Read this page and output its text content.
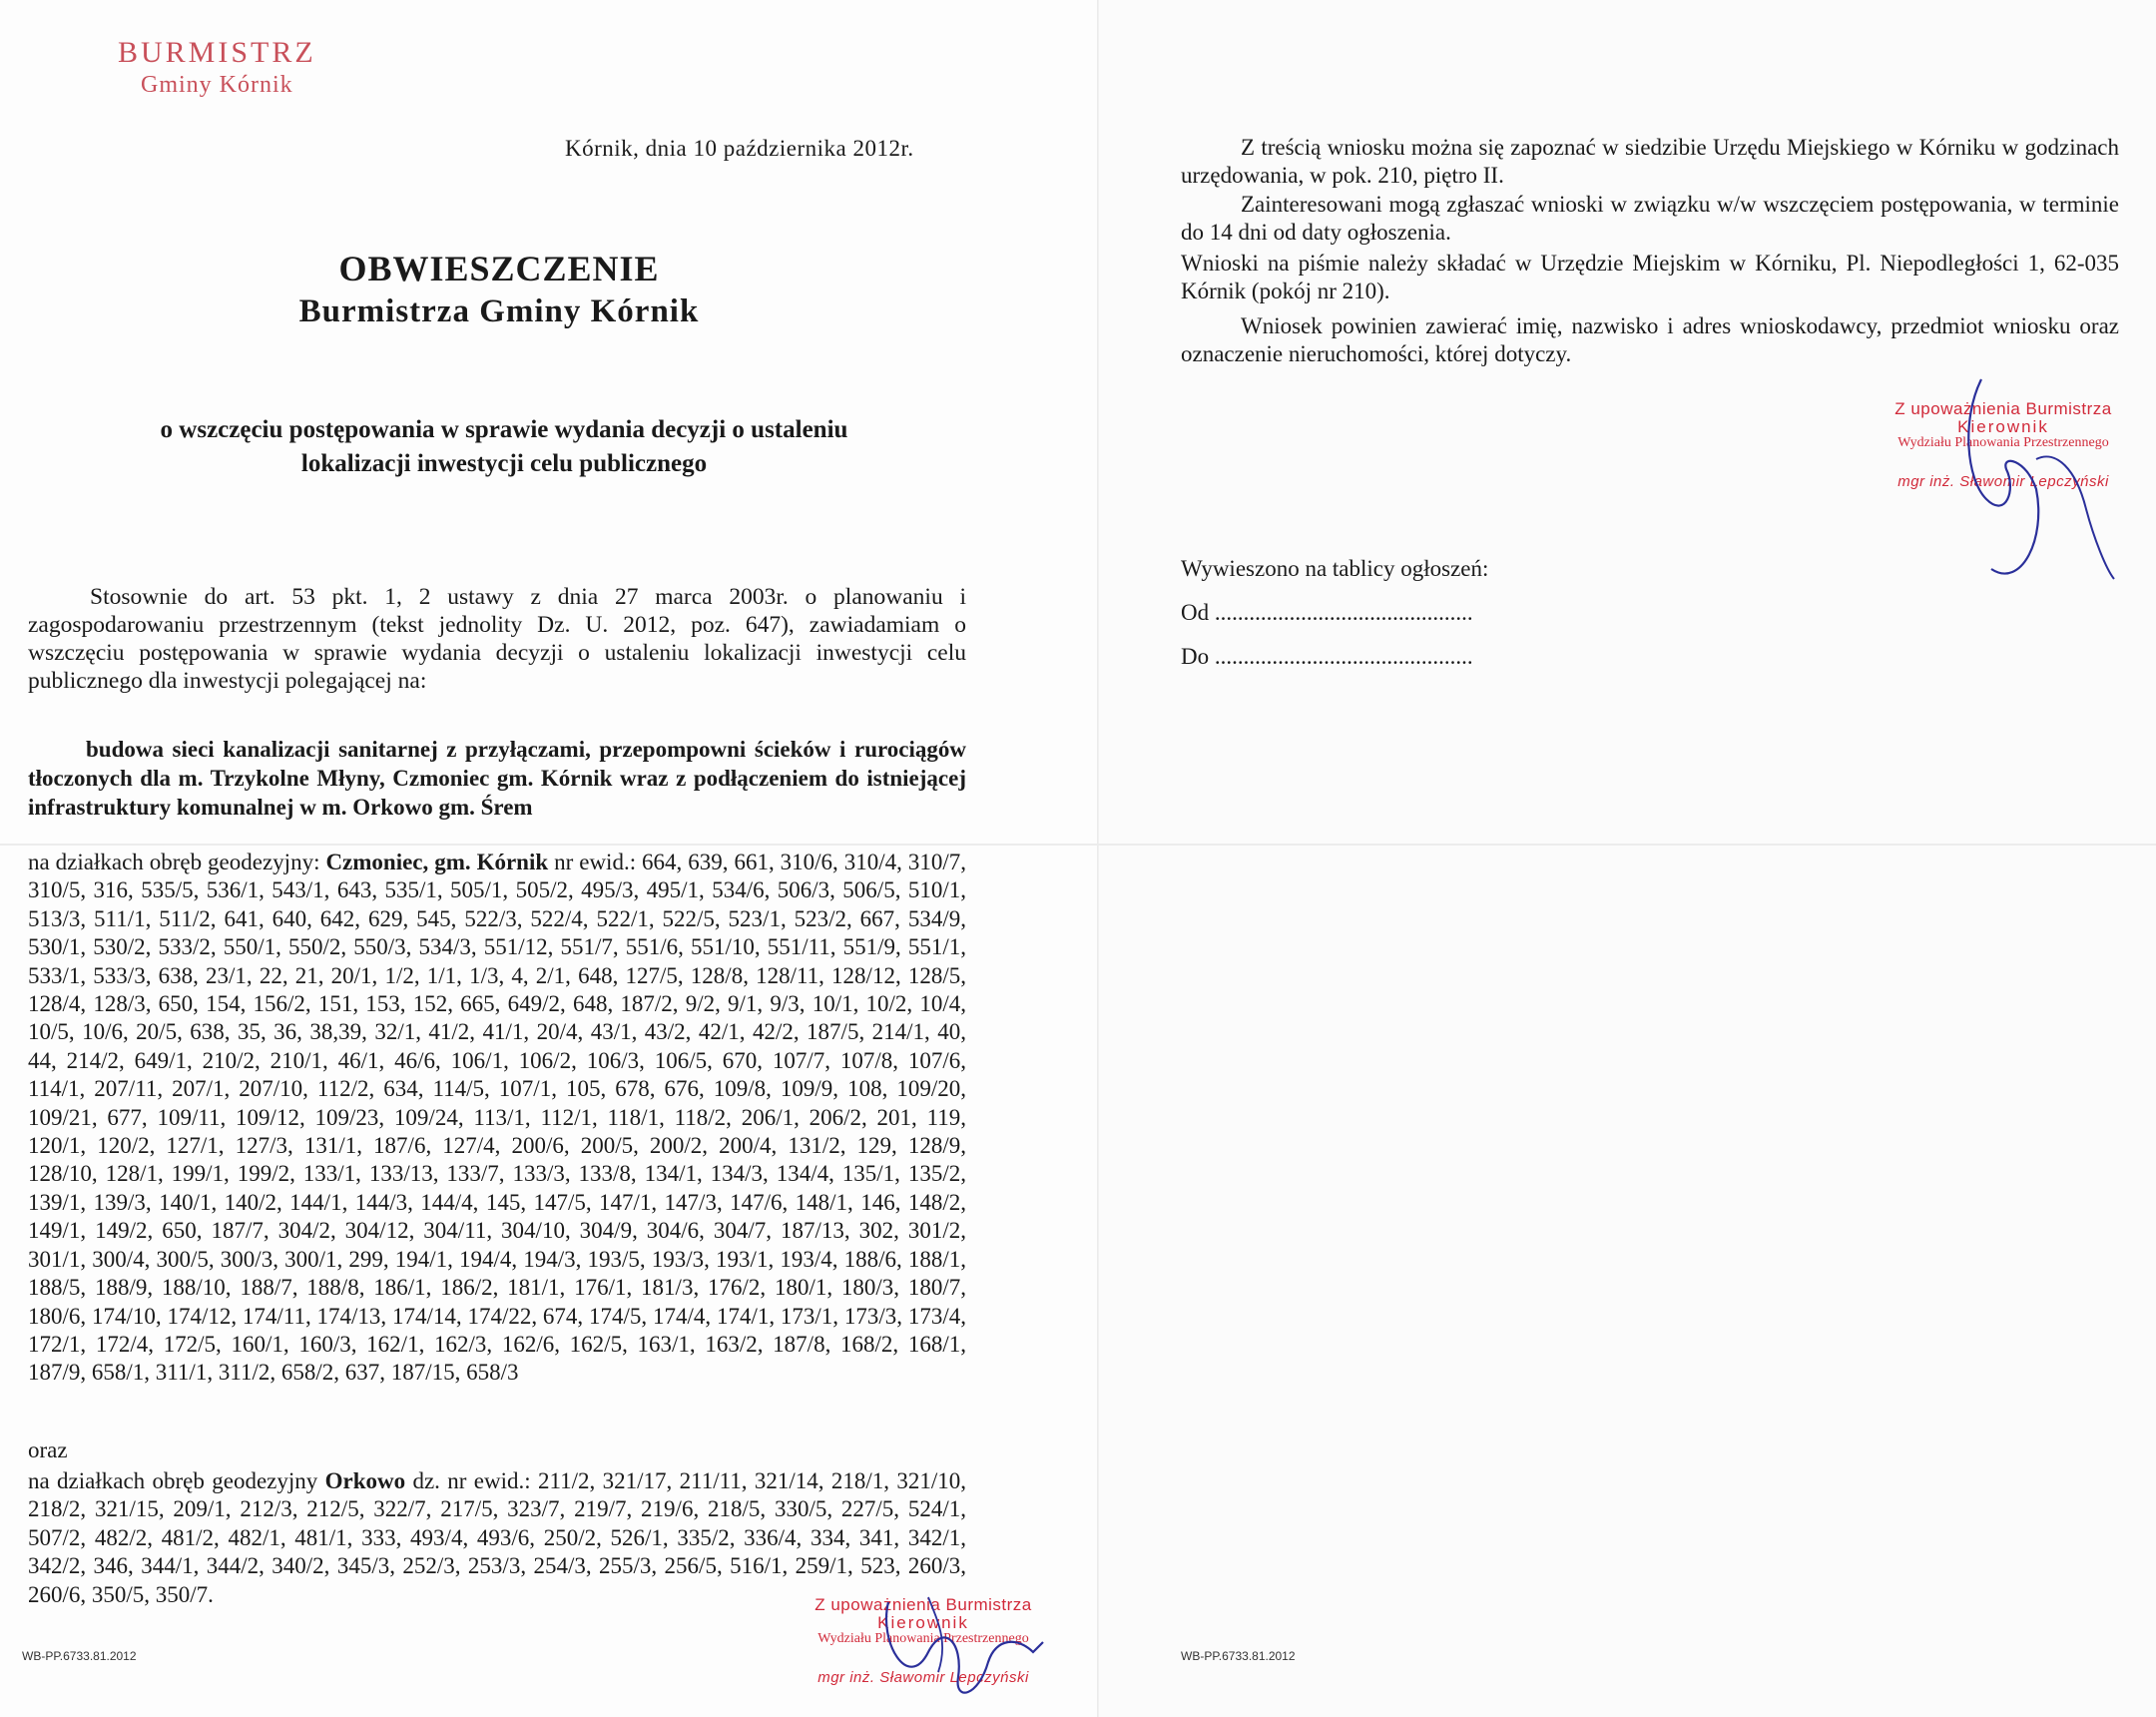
BURMISTRZ
Gminy Kórnik
Kórnik, dnia 10 października 2012r.
OBWIESZCZENIE
Burmistrza Gminy Kórnik
o wszczęciu postępowania w sprawie wydania decyzji o ustaleniu
lokalizacji inwestycji celu publicznego
Stosownie do art. 53 pkt. 1, 2 ustawy z dnia 27 marca 2003r. o planowaniu i zagospodarowaniu przestrzennym (tekst jednolity Dz. U. 2012, poz. 647), zawiadamiam o wszczęciu postępowania w sprawie wydania decyzji o ustaleniu lokalizacji inwestycji celu publicznego dla inwestycji polegającej na:
budowa sieci kanalizacji sanitarnej z przyłączami, przepompowni ścieków i rurociągów tłoczonych dla m. Trzykolne Młyny, Czmoniec gm. Kórnik wraz z podłączeniem do istniejącej infrastruktury komunalnej w m. Orkowo gm. Śrem
na działkach obręb geodezyjny: Czmoniec, gm. Kórnik nr ewid.: 664, 639, 661, 310/6, 310/4, 310/7, 310/5, 316, 535/5, 536/1, 543/1, 643, 535/1, 505/1, 505/2, 495/3, 495/1, 534/6, 506/3, 506/5, 510/1, 513/3, 511/1, 511/2, 641, 640, 642, 629, 545, 522/3, 522/4, 522/1, 522/5, 523/1, 523/2, 667, 534/9, 530/1, 530/2, 533/2, 550/1, 550/2, 550/3, 534/3, 551/12, 551/7, 551/6, 551/10, 551/11, 551/9, 551/1, 533/1, 533/3, 638, 23/1, 22, 21, 20/1, 1/2, 1/1, 1/3, 4, 2/1, 648, 127/5, 128/8, 128/11, 128/12, 128/5, 128/4, 128/3, 650, 154, 156/2, 151, 153, 152, 665, 649/2, 648, 187/2, 9/2, 9/1, 9/3, 10/1, 10/2, 10/4, 10/5, 10/6, 20/5, 638, 35, 36, 38,39, 32/1, 41/2, 41/1, 20/4, 43/1, 43/2, 42/1, 42/2, 187/5, 214/1, 40, 44, 214/2, 649/1, 210/2, 210/1, 46/1, 46/6, 106/1, 106/2, 106/3, 106/5, 670, 107/7, 107/8, 107/6, 114/1, 207/11, 207/1, 207/10, 112/2, 634, 114/5, 107/1, 105, 678, 676, 109/8, 109/9, 108, 109/20, 109/21, 677, 109/11, 109/12, 109/23, 109/24, 113/1, 112/1, 118/1, 118/2, 206/1, 206/2, 201, 119, 120/1, 120/2, 127/1, 127/3, 131/1, 187/6, 127/4, 200/6, 200/5, 200/2, 200/4, 131/2, 129, 128/9, 128/10, 128/1, 199/1, 199/2, 133/1, 133/13, 133/7, 133/3, 133/8, 134/1, 134/3, 134/4, 135/1, 135/2, 139/1, 139/3, 140/1, 140/2, 144/1, 144/3, 144/4, 145, 147/5, 147/1, 147/3, 147/6, 148/1, 146, 148/2, 149/1, 149/2, 650, 187/7, 304/2, 304/12, 304/11, 304/10, 304/9, 304/6, 304/7, 187/13, 302, 301/2, 301/1, 300/4, 300/5, 300/3, 300/1, 299, 194/1, 194/4, 194/3, 193/5, 193/3, 193/1, 193/4, 188/6, 188/1, 188/5, 188/9, 188/10, 188/7, 188/8, 186/1, 186/2, 181/1, 176/1, 181/3, 176/2, 180/1, 180/3, 180/7, 180/6, 174/10, 174/12, 174/11, 174/13, 174/14, 174/22, 674, 174/5, 174/4, 174/1, 173/1, 173/3, 173/4, 172/1, 172/4, 172/5, 160/1, 160/3, 162/1, 162/3, 162/6, 162/5, 163/1, 163/2, 187/8, 168/2, 168/1, 187/9, 658/1, 311/1, 311/2, 658/2, 637, 187/15, 658/3
oraz
na działkach obręb geodezyjny Orkowo dz. nr ewid.: 211/2, 321/17, 211/11, 321/14, 218/1, 321/10, 218/2, 321/15, 209/1, 212/3, 212/5, 322/7, 217/5, 323/7, 219/7, 219/6, 218/5, 330/5, 227/5, 524/1, 507/2, 482/2, 481/2, 482/1, 481/1, 333, 493/4, 493/6, 250/2, 526/1, 335/2, 336/4, 334, 341, 342/1, 342/2, 346, 344/1, 344/2, 340/2, 345/3, 252/3, 253/3, 254/3, 255/3, 256/5, 516/1, 259/1, 523, 260/3, 260/6, 350/5, 350/7.	Z upoważnienia Burmistrza
Kierownik
Wydziału Planowania Przestrzennego
mgr inż. Sławomir Lepczyński
WB-PP.6733.81.2012
Z treścią wniosku można się zapoznać w siedzibie Urzędu Miejskiego w Kórniku w godzinach urzędowania, w pok. 210, piętro II.
Zainteresowani mogą zgłaszać wnioski w związku w/w wszczęciem postępowania, w terminie do 14 dni od daty ogłoszenia.
Wnioski na piśmie należy składać w Urzędzie Miejskim w Kórniku, Pl. Niepodległości 1, 62-035 Kórnik (pokój nr 210).
Wniosek powinien zawierać imię, nazwisko i adres wnioskodawcy, przedmiot wniosku oraz oznaczenie nieruchomości, której dotyczy.
Z upoważnienia Burmistrza
Kierownik
Wydziału Planowania Przestrzennego
mgr inż. Sławomir Lepczyński
Wywieszono na tablicy ogłoszeń:
Od .............................................
Do .............................................
WB-PP.6733.81.2012
